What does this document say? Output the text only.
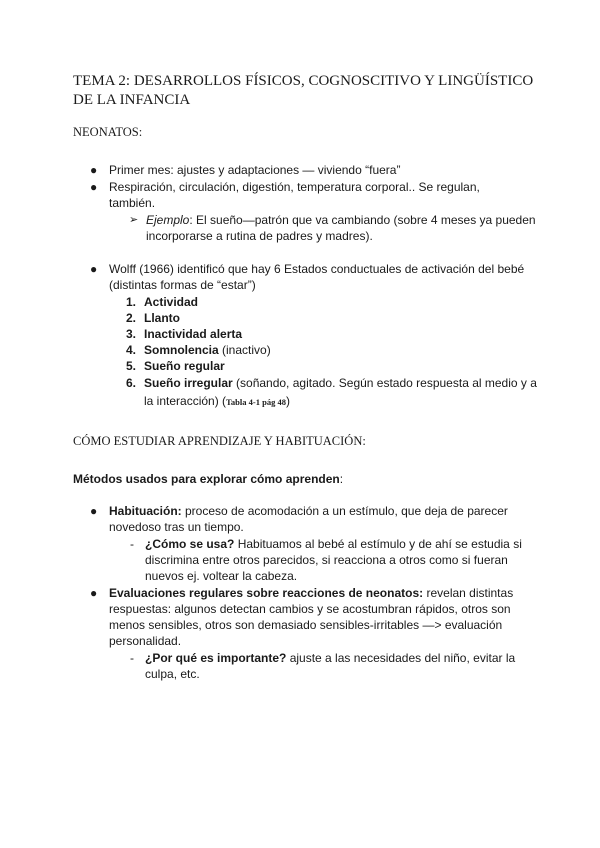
TEMA 2: DESARROLLOS FÍSICOS, COGNOSCITIVO Y LINGÜÍSTICO DE LA INFANCIA
NEONATOS:
● Primer mes: ajustes y adaptaciones — viviendo “fuera”
● Respiración, circulación, digestión, temperatura corporal.. Se regulan,
también.
➢ Ejemplo: El sueño—patrón que va cambiando (sobre 4 meses ya pueden incorporarse a rutina de padres y madres).
● Wolff (1966) identificó que hay 6 Estados conductuales de activación del bebé (distintas formas de “estar”)
1. Actividad
2. Llanto
3. Inactividad alerta
4. Somnolencia (inactivo)
5. Sueño regular
6. Sueño irregular (soñando, agitado. Según estado respuesta al medio y a la interacción) (Tabla 4-1 pág 48)
CÓMO ESTUDIAR APRENDIZAJE Y HABITUACIÓN:
Métodos usados para explorar cómo aprenden:
● Habituación: proceso de acomodación a un estímulo, que deja de parecer novedoso tras un tiempo.
- ¿Cómo se usa? Habituamos al bebé al estímulo y de ahí se estudia si discrimina entre otros parecidos, si reacciona a otros como si fueran nuevos ej. voltear la cabeza.
● Evaluaciones regulares sobre reacciones de neonatos: revelan distintas respuestas: algunos detectan cambios y se acostumbran rápidos, otros son menos sensibles, otros son demasiado sensibles-irritables —> evaluación personalidad.
- ¿Por qué es importante? ajuste a las necesidades del niño, evitar la culpa, etc.
